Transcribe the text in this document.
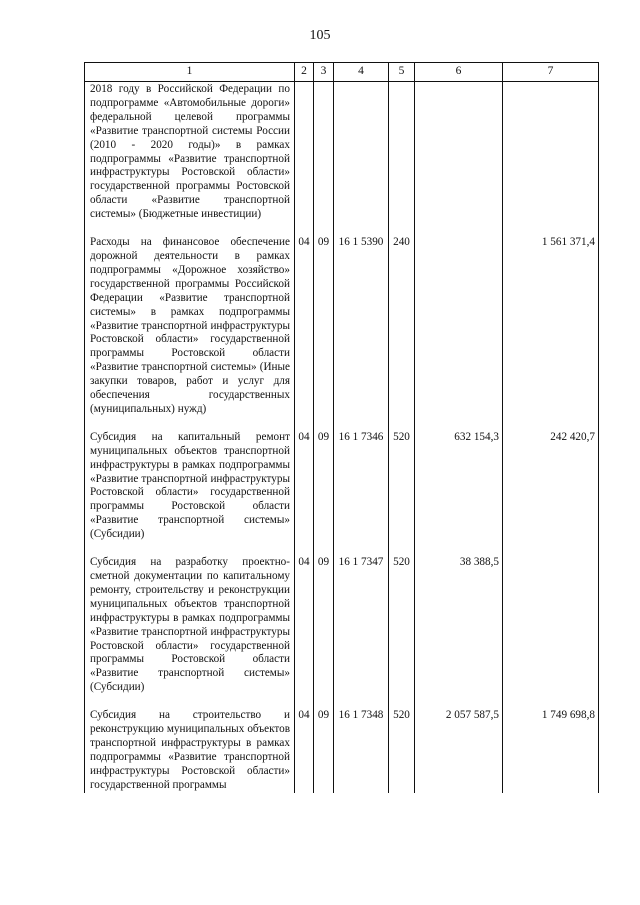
105
1	2	3	4	5	6	7
2018 году в Российской Федерации по подпрограмме «Автомобильные дороги» федеральной целевой программы «Развитие транспортной системы России (2010 - 2020 годы)» в рамках подпрограммы «Развитие транспортной инфраструктуры Ростовской области» государственной программы Ростовской области «Развитие транспортной системы» (Бюджетные инвестиции)						
Расходы на финансовое обеспечение дорожной деятельности в рамках подпрограммы «Дорожное хозяйство» государственной программы Российской Федерации «Развитие транспортной системы» в рамках подпрограммы «Развитие транспортной инфраструктуры Ростовской области» государственной программы Ростовской области «Развитие транспортной системы» (Иные закупки товаров, работ и услуг для обеспечения государственных (муниципальных) нужд)	04	09	16 1 5390	240		1 561 371,4
Субсидия на капитальный ремонт муниципальных объектов транспортной инфраструктуры в рамках подпрограммы «Развитие транспортной инфраструктуры Ростовской области» государственной программы Ростовской области «Развитие транспортной системы» (Субсидии)	04	09	16 1 7346	520	632 154,3	242 420,7
Субсидия на разработку проектно-сметной документации по капитальному ремонту, строительству и реконструкции муниципальных объектов транспортной инфраструктуры в рамках подпрограммы «Развитие транспортной инфраструктуры Ростовской области» государственной программы Ростовской области «Развитие транспортной системы» (Субсидии)	04	09	16 1 7347	520	38 388,5	
Субсидия на строительство и реконструкцию муниципальных объектов транспортной инфраструктуры в рамках подпрограммы «Развитие транспортной инфраструктуры Ростовской области» государственной программы	04	09	16 1 7348	520	2 057 587,5	1 749 698,8
